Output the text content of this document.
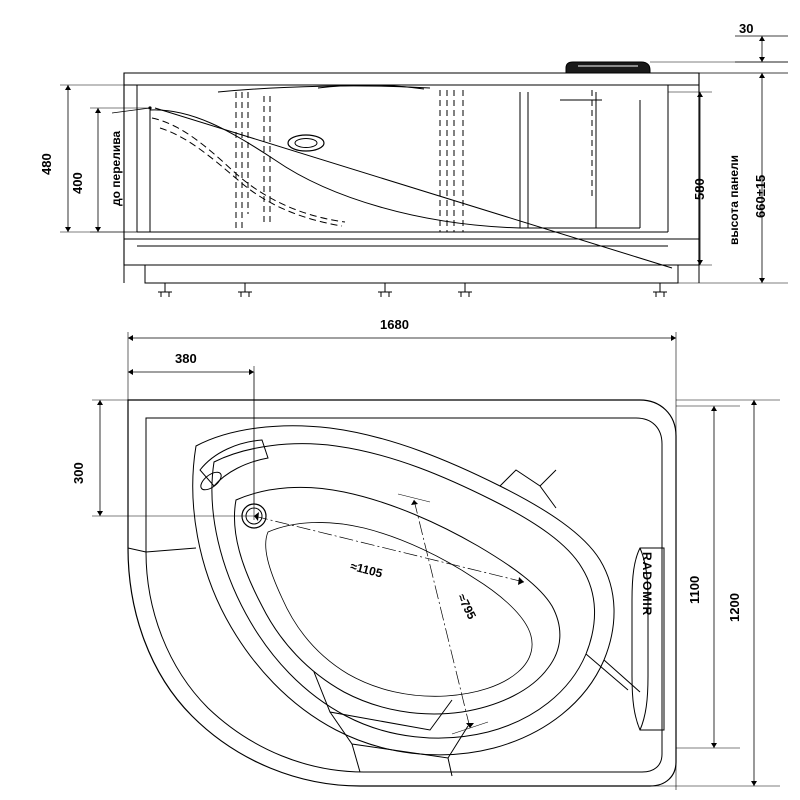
30
480
400 до перелива	580	660±15
высота панели
1680
380
300
1100
1200
≈1105
≈795	RADOMIR
